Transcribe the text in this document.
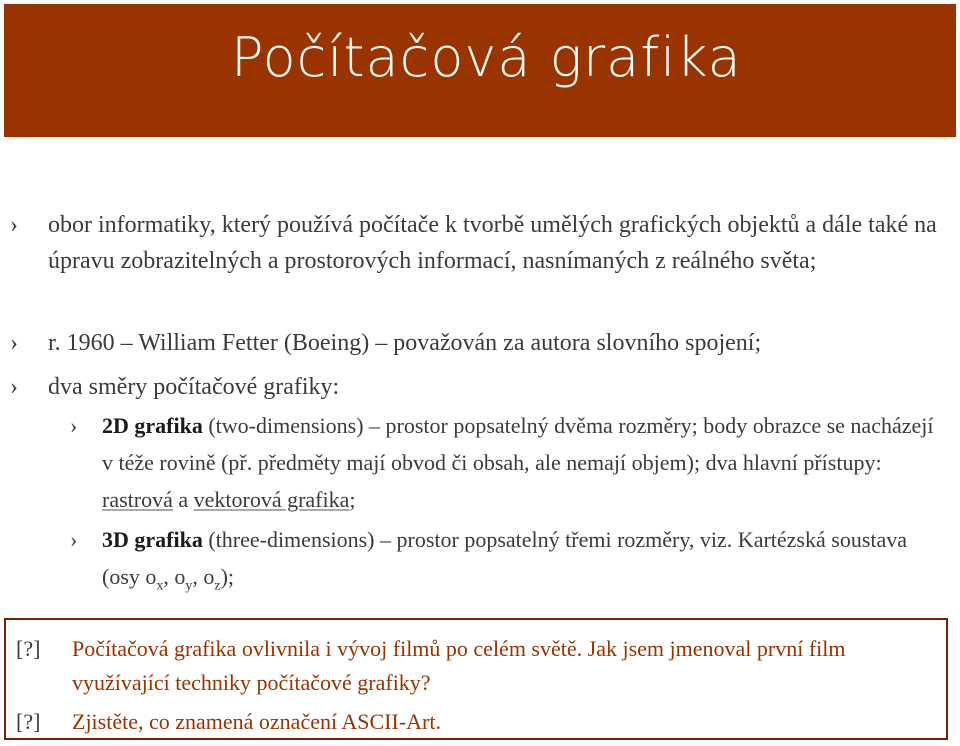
Počítačová grafika
› obor informatiky, který používá počítače k tvorbě umělých grafických objektů a dále také na úpravu zobrazitelných a prostorových informací, nasnímaných z reálného světa;
› r. 1960 – William Fetter (Boeing) – považován za autora slovního spojení;
› dva směry počítačové grafiky:
› 2D grafika (two-dimensions) – prostor popsatelný dvěma rozměry; body obrazce se nacházejí v téže rovině (př. předměty mají obvod či obsah, ale nemají objem); dva hlavní přístupy: rastrová a vektorová grafika;
› 3D grafika (three-dimensions) – prostor popsatelný třemi rozměry, viz. Kartézská soustava (osy $o_x$, $o_y$, $o_z$);
[?] Počítačová grafika ovlivnila i vývoj filmů po celém světě. Jak jsem jmenoval první film využívající techniky počítačové grafiky?
[?] Zjistěte, co znamená označení ASCII-Art.
